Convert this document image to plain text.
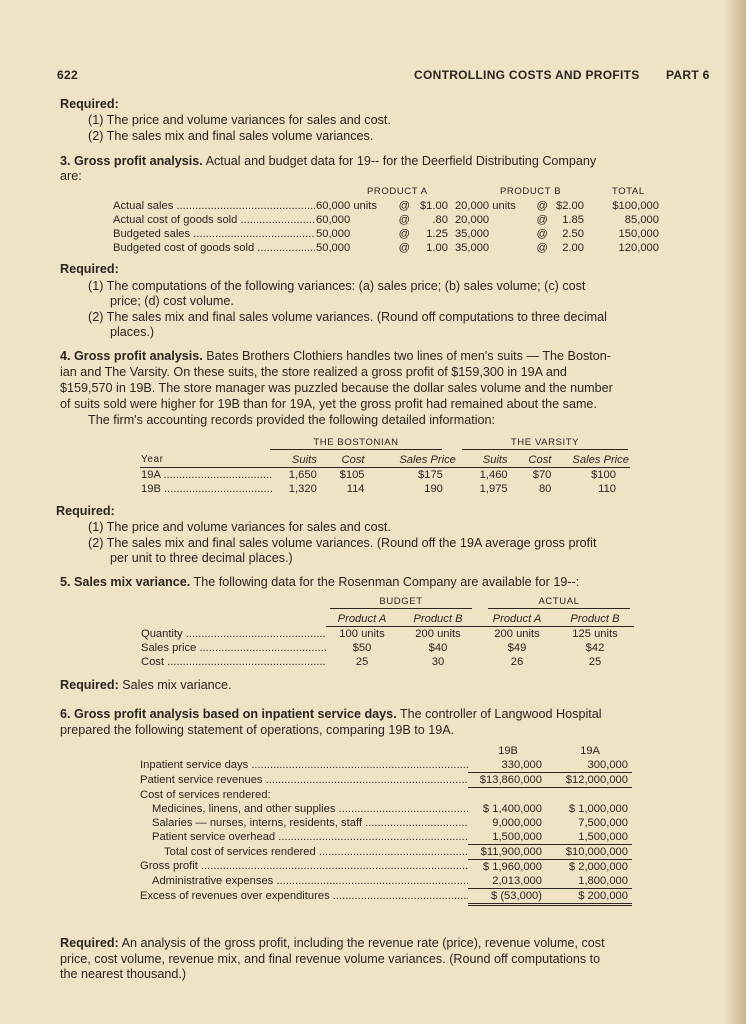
622	CONTROLLING COSTS AND PROFITS PART 6
Required:
(1) The price and volume variances for sales and cost.
(2) The sales mix and final sales volume variances.
3. Gross profit analysis. Actual and budget data for 19-- for the Deerfield Distributing Company
are:
PRODUCT A	PRODUCT B	TOTAL
Actual sales .....	60,000 units	@	$1.00	20,000 units	@	$2.00	$100,000
Actual cost of goods sold .....	60,000	@	.80	20,000	@	1.85	85,000
Budgeted sales .....	50,000	@	1.25	35,000	@	2.50	150,000
Budgeted cost of goods sold .....	50,000	@	1.00	35,000	@	2.00	120,000
Required:
(1) The computations of the following variances: (a) sales price; (b) sales volume; (c) cost
price; (d) cost volume.
(2) The sales mix and final sales volume variances. (Round off computations to three decimal
places.)
4. Gross profit analysis. Bates Brothers Clothiers handles two lines of men's suits — The Boston-
ian and The Varsity. On these suits, the store realized a gross profit of $159,300 in 19A and
$159,570 in 19B. The store manager was puzzled because the dollar sales volume and the number
of suits sold were higher for 19B than for 19A, yet the gross profit had remained about the same.
The firm's accounting records provided the following detailed information:
THE BOSTONIAN	THE VARSITY
Year	Suits	Cost	Sales Price	Suits	Cost	Sales Price
19A .....	1,650	$105	$175	1,460	$70	$100
19B .....	1,320	114	190	1,975	80	110
Required:
(1) The price and volume variances for sales and cost.
(2) The sales mix and final sales volume variances. (Round off the 19A average gross profit
per unit to three decimal places.)
5. Sales mix variance. The following data for the Rosenman Company are available for 19--:
BUDGET	ACTUAL
	Product A	Product B	Product A	Product B
Quantity .....	100 units	200 units	200 units	125 units
Sales price .....	$50	$40	$49	$42
Cost .....	25	30	26	25
Required: Sales mix variance.
6. Gross profit analysis based on inpatient service days. The controller of Langwood Hospital
prepared the following statement of operations, comparing 19B to 19A.
	19B	19A
Inpatient service days .....	330,000	300,000
Patient service revenues .....	$13,860,000	$12,000,000
Cost of services rendered:		
Medicines, linens, and other supplies .....	$ 1,400,000	$ 1,000,000
Salaries — nurses, interns, residents, staff .....	9,000,000	7,500,000
Patient service overhead .....	1,500,000	1,500,000
Total cost of services rendered .....	$11,900,000	$10,000,000
Gross profit .....	$ 1,960,000	$ 2,000,000
Administrative expenses .....	2,013,000	1,800,000
Excess of revenues over expenditures .....	$ (53,000)	$ 200,000
Required: An analysis of the gross profit, including the revenue rate (price), revenue volume, cost
price, cost volume, revenue mix, and final revenue volume variances. (Round off computations to
the nearest thousand.)
